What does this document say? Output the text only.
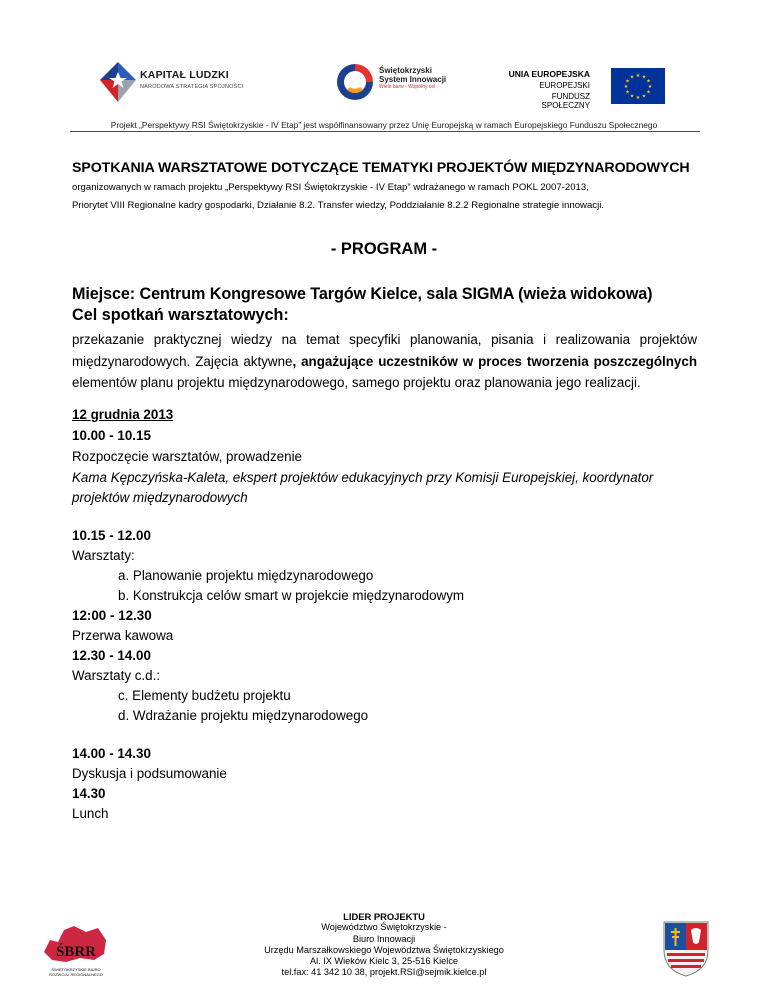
KAPITAŁ LUDZKI
NARODOWA STRATEGIA SPÓJNOŚCI
Świętokrzyski
System Innowacji
Wiele barw - Wspólny cel
UNIA EUROPEJSKA
EUROPEJSKI
FUNDUSZ SPOŁECZNY
★ ★
★
★
★
★
★
★
★
★
★
★
Projekt „Perspektywy RSI Świętokrzyskie - IV Etap” jest współfinansowany przez Unię Europejską w ramach Europejskiego Funduszu Społecznego
SPOTKANIA WARSZTATOWE DOTYCZĄCE TEMATYKI PROJEKTÓW MIĘDZYNARODOWYCH
organizowanych w ramach projektu „Perspektywy RSI Świętokrzyskie - IV Etap” wdrażanego w ramach POKL 2007-2013,
Priorytet VIII Regionalne kadry gospodarki, Działanie 8.2. Transfer wiedzy, Poddziałanie 8.2.2 Regionalne strategie innowacji.
- PROGRAM -
Miejsce: Centrum Kongresowe Targów Kielce, sala SIGMA (wieża widokowa)
Cel spotkań warsztatowych:
przekazanie praktycznej wiedzy na temat specyfiki planowania, pisania i realizowania projektów
międzynarodowych. Zajęcia aktywne, angażujące uczestników w proces tworzenia poszczególnych
elementów planu projektu międzynarodowego, samego projektu oraz planowania jego realizacji.
12 grudnia 2013
10.00 - 10.15
Rozpoczęcie warsztatów, prowadzenie
Kama Kępczyńska-Kaleta, ekspert projektów edukacyjnych przy Komisji Europejskiej, koordynator
projektów międzynarodowych
10.15 - 12.00
Warsztaty:
a. Planowanie projektu międzynarodowego
b. Konstrukcja celów smart w projekcie międzynarodowym
12:00 - 12.30
Przerwa kawowa
12.30 - 14.00
Warsztaty c.d.:
c. Elementy budżetu projektu
d. Wdrażanie projektu międzynarodowego
14.00 - 14.30
Dyskusja i podsumowanie
14.30
Lunch
ŚBRR
ŚWIĘTOKRZYSKIE BIURO
ROZWOJU REGIONALNEGO
LIDER PROJEKTU
Województwo Świętokrzyskie -
Biuro Innowacji
Urzędu Marszałkowskiego Województwa Świętokrzyskiego
Al. IX Wieków Kielc 3, 25-516 Kielce
tel.fax: 41 342 10 38, projekt.RSI@sejmik.kielce.pl
